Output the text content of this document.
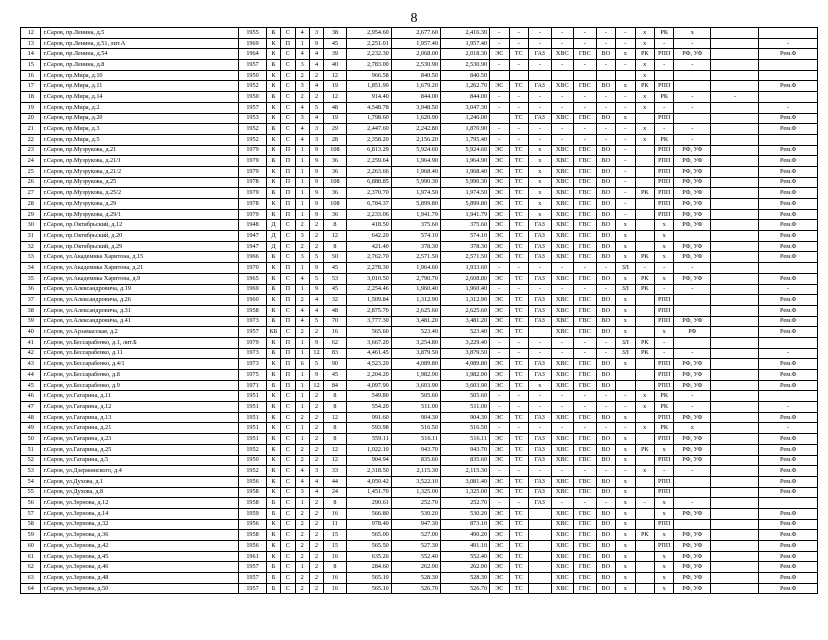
8
12	г.Саров, пр.Ленина, д.5	1955	К	С	4	3	38	2,954.60	2,677.60	2,416.30	-	-	-	-	-	-	-	х	РК	х		
13	г.Саров, пр.Ленина, д.51, лит.А	1969	К	П	1	9	45	2,251.01	1,957.40	1,957.40	-	-	-	-	-	-	-	х	-	-		-
14	г.Саров, пр.Ленина, д.54	1964	К	С	4	4	39	2,232.30	2,068.00	2,018.30	ЭС	ТС	ГАЗ	ХВС	ГВС	ВО	х	РК	РПП	РФ, УФ		Рем.Ф
15	г.Саров, пр.Ленина, д.8	1957	К	С	3	4	40	2,783.00	2,530.90	2,530.90	-	-	-	-	-	-	-	х	-	-		
16	г.Саров, пр.Мира, д.10	1950	К	С	2	2	12	966.58	840.50	840.50								х				
17	г.Саров, пр.Мира, д.11	1952	К	С	3	4	19	1,851.90	1,679.20	1,262.70	ЭС	ТС	ГАЗ	ХВС	ГВС	ВО	х	РК	РПП			Рем.Ф
18	г.Саров, пр.Мира, д.14	1950	К	С	2	2	12	914.40	844.00	844.00	-	-	-	-	-	-	-	х	РК	-	-	
19	г.Саров, пр.Мира, д.2	1957	К	С	4	5	48	4,548.78	3,948.50	3,047.30	-	-	-	-	-	-	-	х	-	-		-
20	г.Саров, пр.Мира, д.20	1953	К	С	3	4	19	1,798.60	1,620.90	1,246.00		ТС	ГАЗ	ХВС	ГВС	ВО	х		РПП			Рем.Ф
21	г.Саров, пр.Мира, д.3	1952	К	С	4	3	29	2,447.60	2,242.80	1,870.90	-	-	-	-	-	-	-	х	-	-		Рем.Ф
22	г.Саров, пр.Мира, д.5	1952	К	С	4	3	28	2,358.20	2,156.20	1,795.40	-	-	-	-	-	-	-	х	РК	-		
23	г.Саров, пр.Музрукова, д.21	1979	К	П	1	9	108	6,813.29	5,924.60	5,924.60	ЭС	ТС	х	ХВС	ГВС	ВО	-		РПП	РФ, УФ		Рем.Ф
24	г.Саров, пр.Музрукова, д.21/1	1979	К	П	1	9	36	2,259.64	1,964.90	1,964.90	ЭС	ТС	х	ХВС	ГВС	ВО	-		РПП	РФ, УФ		Рем.Ф
25	г.Саров, пр.Музрукова, д.21/2	1979	К	П	1	9	36	2,263.66	1,968.40	1,968.40	ЭС	ТС	х	ХВС	ГВС	ВО	-		РПП	РФ, УФ		Рем.Ф
26	г.Саров, пр.Музрукова, д.25	1978	К	П	1	9	108	6,888.85	5,990.30	5,990.30	ЭС	ТС	х	ХВС	ГВС	ВО	-		РПП	РФ, УФ		Рем.Ф
27	г.Саров, пр.Музрукова, д.25/2	1979	К	П	1	9	36	2,370.70	1,974.50	1,974.50	ЭС	ТС	х	ХВС	ГВС	ВО	-	РК	РПП	РФ, УФ		Рем.Ф
28	г.Саров, пр.Музрукова, д.29	1978	К	П	1	9	108	6,784.37	5,899.80	5,899.80	ЭС	ТС	х	ХВС	ГВС	ВО	-		РПП	РФ, УФ		Рем.Ф
29	г.Саров, пр.Музрукова, д.29/1	1979	К	П	1	9	36	2,233.06	1,941.79	1,941.79	ЭС	ТС	х	ХВС	ГВС	ВО	-		РПП	РФ, УФ		Рем.Ф
30	г.Саров, пр.Октябрьский, д.12	1948	Д	С	2	2	8	418.50	375.60	375.60	ЭС	ТС	ГАЗ	ХВС	ГВС	ВО	х		х	РФ, УФ		Рем.Ф
31	г.Саров, пр.Октябрьский, д.20	1947	Д	С	3	2	12	642.20	574.10	574.10	ЭС	ТС	ГАЗ	ХВС	ГВС	ВО	х		х			Рем.Ф
32	г.Саров, пр.Октябрьский, д.29	1947	Д	С	2	2	8	421.40	378.30	378.30	ЭС	ТС	ГАЗ	ХВС	ГВС	ВО	х		х	РФ, УФ		Рем.Ф
33	г.Саров, ул.Академика Харитона, д.15	1966	К	С	3	5	50	2,762.70	2,571.50	2,571.50	ЭС	ТС	ГАЗ	ХВС	ГВС	ВО	х	РК	х	РФ, УФ		Рем.Ф
34	г.Саров, ул.Академика Харитона, д.21	1970	К	П	1	9	45	2,278.30	1,964.60	1,933.60	-	-	-	-	-	-	ЗЛ	-	-	-		
35	г.Саров, ул.Академика Харитона, д.9	1965	К	С	4	5	53	3,010.50	2,790.70	2,608.80	ЭС	ТС	ГАЗ	ХВС	ГВС	ВО	х	РК	х	РФ, УФ		Рем.Ф
36	г.Саров, ул.Александровича, д.19	1969	К	П	1	9	45	2,254.46	1,960.40	1,960.40	-	-	-	-	-	-	ЗЛ	РК	-	-		-
37	г.Саров, ул.Александровича, д.26	1960	К	П	2	4	32	1,509.84	1,312.90	1,312.90	ЭС	ТС	ГАЗ	ХВС	ГВС	ВО	х		РПП			Рем.Ф
38	г.Саров, ул.Александровича, д.31	1958	К	С	4	4	48	2,875.70	2,625.60	2,625.60	ЭС	ТС	ГАЗ	ХВС	ГВС	ВО	х		РПП			Рем.Ф
39	г.Саров, ул.Александровича, д.41	1973	К	П	4	5	70	3,777.30	3,481.20	3,481.20	ЭС	ТС	ГАЗ	ХВС	ГВС	ВО	х		РПП	РФ, УФ		Рем.Ф
40	г.Саров, ул.Арзамасская, д.2	1957	КБ	С	2	2	16	565.60	523.40	523.40	ЭС	ТС		ХВС	ГВС	ВО	х		х	РФ		Рем.Ф
41	г.Саров, ул.Бессарабенко, д.1, лит.Б	1979	К	П	1	9	62	3,667.20	3,254.80	3,229.40	-	-	-	-	-	-	ЗЛ	РК	-			
42	г.Саров, ул.Бессарабенко, д.11	1973	К	П	1	12	83	4,461.45	3,879.50	3,879.50	-	-	-	-	-	-	ЗЛ	РК	-	-		-
43	г.Саров, ул.Бессарабенко, д.4/1	1973	К	П	6	5	90	4,523.20	4,089.80	4,089.80	ЭС	ТС	ГАЗ	ХВС	ГВС	ВО	х		РПП	РФ, УФ		Рем.Ф
44	г.Саров, ул.Бессарабенко, д.8	1975	К	П	1	9	45	2,204.20	1,982.90	1,982.90	ЭС	ТС	ГАЗ	ХВС	ГВС	ВО			РПП	РФ, УФ		Рем.Ф
45	г.Саров, ул.Бессарабенко, д.9	1971	Б	П	1	12	84	4,097.90	3,603.90	3,603.90	ЭС	ТС	х	ХВС	ГВС	ВО			РПП	РФ, УФ		Рем.Ф
46	г.Саров, ул.Гагарина, д.11	1951	К	С	1	2	8	549.80	505.60	505.60	-	-	-	-	-	-	-	х	РК	-		
47	г.Саров, ул.Гагарина, д.12	1951	К	С	1	2	8	554.20	511.00	511.00	-	-	-	-	-	-	-	х	РК	-		-
48	г.Саров, ул.Гагарина, д.13	1951	К	С	2	2	12	991.60	904.30	904.30	ЭС	ТС	ГАЗ	ХВС	ГВС	ВО	х		РПП	РФ, УФ		Рем.Ф
49	г.Саров, ул.Гагарина, д.21	1951	К	С	1	2	8	593.98	516.50	516.50	-	-	-	-	-	-	-	х	РК	х		-
50	г.Саров, ул.Гагарина, д.23	1951	К	С	1	2	8	559.11	516.11	516.11	ЭС	ТС	ГАЗ	ХВС	ГВС	ВО	х		РПП	РФ, УФ		Рем.Ф
51	г.Саров, ул.Гагарина, д.25	1952	К	С	2	2	12	1,022.10	943.70	943.70	ЭС	ТС	ГАЗ	ХВС	ГВС	ВО	х	РК	х	РФ, УФ		Рем.Ф
52	г.Саров, ул.Гагарина, д.5	1950	К	С	2	2	12	904.94	835.60	835.60	ЭС	ТС	ГАЗ	ХВС	ГВС	ВО	х		РПП	РФ, УФ		Рем.Ф
53	г.Саров, ул.Дзержинского, д.4	1952	К	С	4	3	33	2,318.50	2,115.30	2,115.30	-	-	-	-	-	-	-	х	-	-		Рем.Ф
54	г.Саров, ул.Духова, д.1	1956	К	С	4	4	44	4,050.42	3,522.10	3,081.40	ЭС	ТС	ГАЗ	ХВС	ГВС	ВО	х		РПП			Рем.Ф
55	г.Саров, ул.Духова, д.8	1958	К	С	3	4	24	1,451.70	1,325.00	1,325.00	ЭС	ТС	ГАЗ	ХВС	ГВС	ВО	х		РПП			Рем.Ф
56	г.Саров, ул.Зернова, д.12	1958	Б	С	1	2	8	290.61	252.70	252.70	-	-	ГАЗ	-	-	-	х	-	х	-		
57	г.Саров, ул.Зернова, д.14	1959	Б	С	2	2	16	566.80	530.20	530.20	ЭС	ТС		ХВС	ГВС	ВО	х		х	РФ, УФ		Рем.Ф
58	г.Саров, ул.Зернова, д.32	1956	К	С	2	2	11	978.40	947.30	873.10	ЭС	ТС		ХВС	ГВС	ВО	х		РПП			Рем.Ф
59	г.Саров, ул.Зернова, д.36	1958	К	С	2	2	15	565.00	527.00	490.20	ЭС	ТС		ХВС	ГВС	ВО	х	РК	х	РФ, УФ		Рем.Ф
60	г.Саров, ул.Зернова, д.42	1956	К	С	2	2	15	565.50	527.30	491.10	ЭС	ТС		ХВС	ГВС	ВО	х		РПП	РФ, УФ		Рем.Ф
61	г.Саров, ул.Зернова, д.45	1961	К	С	2	2	16	635.26	552.40	552.40	ЭС	ТС		ХВС	ГВС	ВО	х		х	РФ, УФ		Рем.Ф
62	г.Саров, ул.Зернова, д.46	1957	Б	С	1	2	8	284.60	262.90	262.90	ЭС	ТС		ХВС	ГВС	ВО	х		х	РФ, УФ		Рем.Ф
63	г.Саров, ул.Зернова, д.48	1957	Б	С	2	2	16	565.10	528.30	528.30	ЭС	ТС		ХВС	ГВС	ВО	х		х	РФ, УФ		Рем.Ф
64	г.Саров, ул.Зернова, д.50	1957	Б	С	2	2	16	565.10	526.70	526.70	ЭС	ТС		ХВС	ГВС	ВО	х		х	РФ, УФ		Рем.Ф
